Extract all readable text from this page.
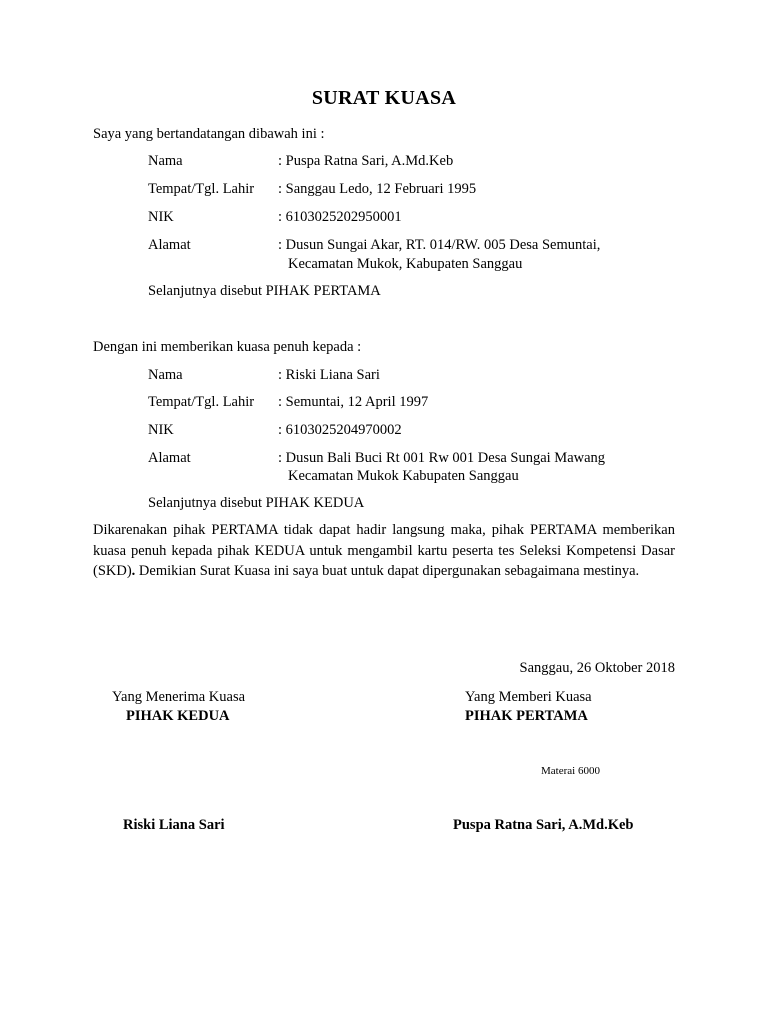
SURAT KUASA
Saya yang bertandatangan dibawah ini :
Nama	: Puspa Ratna Sari, A.Md.Keb
Tempat/Tgl. Lahir : Sanggau Ledo, 12 Februari 1995
NIK	: 6103025202950001
Alamat	: Dusun Sungai Akar, RT. 014/RW. 005 Desa Semuntai,
Kecamatan Mukok, Kabupaten Sanggau
Selanjutnya disebut PIHAK PERTAMA
Dengan ini memberikan kuasa penuh kepada :
Nama	: Riski Liana Sari
Tempat/Tgl. Lahir : Semuntai, 12 April 1997
NIK	: 6103025204970002
Alamat	: Dusun Bali Buci Rt 001 Rw 001 Desa Sungai Mawang
Kecamatan Mukok Kabupaten Sanggau
Selanjutnya disebut PIHAK KEDUA
Dikarenakan pihak PERTAMA tidak dapat hadir langsung maka, pihak PERTAMA memberikan kuasa penuh kepada pihak KEDUA untuk mengambil kartu peserta tes Seleksi Kompetensi Dasar (SKD). Demikian Surat Kuasa ini saya buat untuk dapat dipergunakan sebagaimana mestinya.
Sanggau, 26 Oktober 2018
Yang Menerima Kuasa
PIHAK KEDUA
Yang Memberi Kuasa
PIHAK PERTAMA
Materai 6000
Riski Liana Sari	Puspa Ratna Sari, A.Md.Keb
